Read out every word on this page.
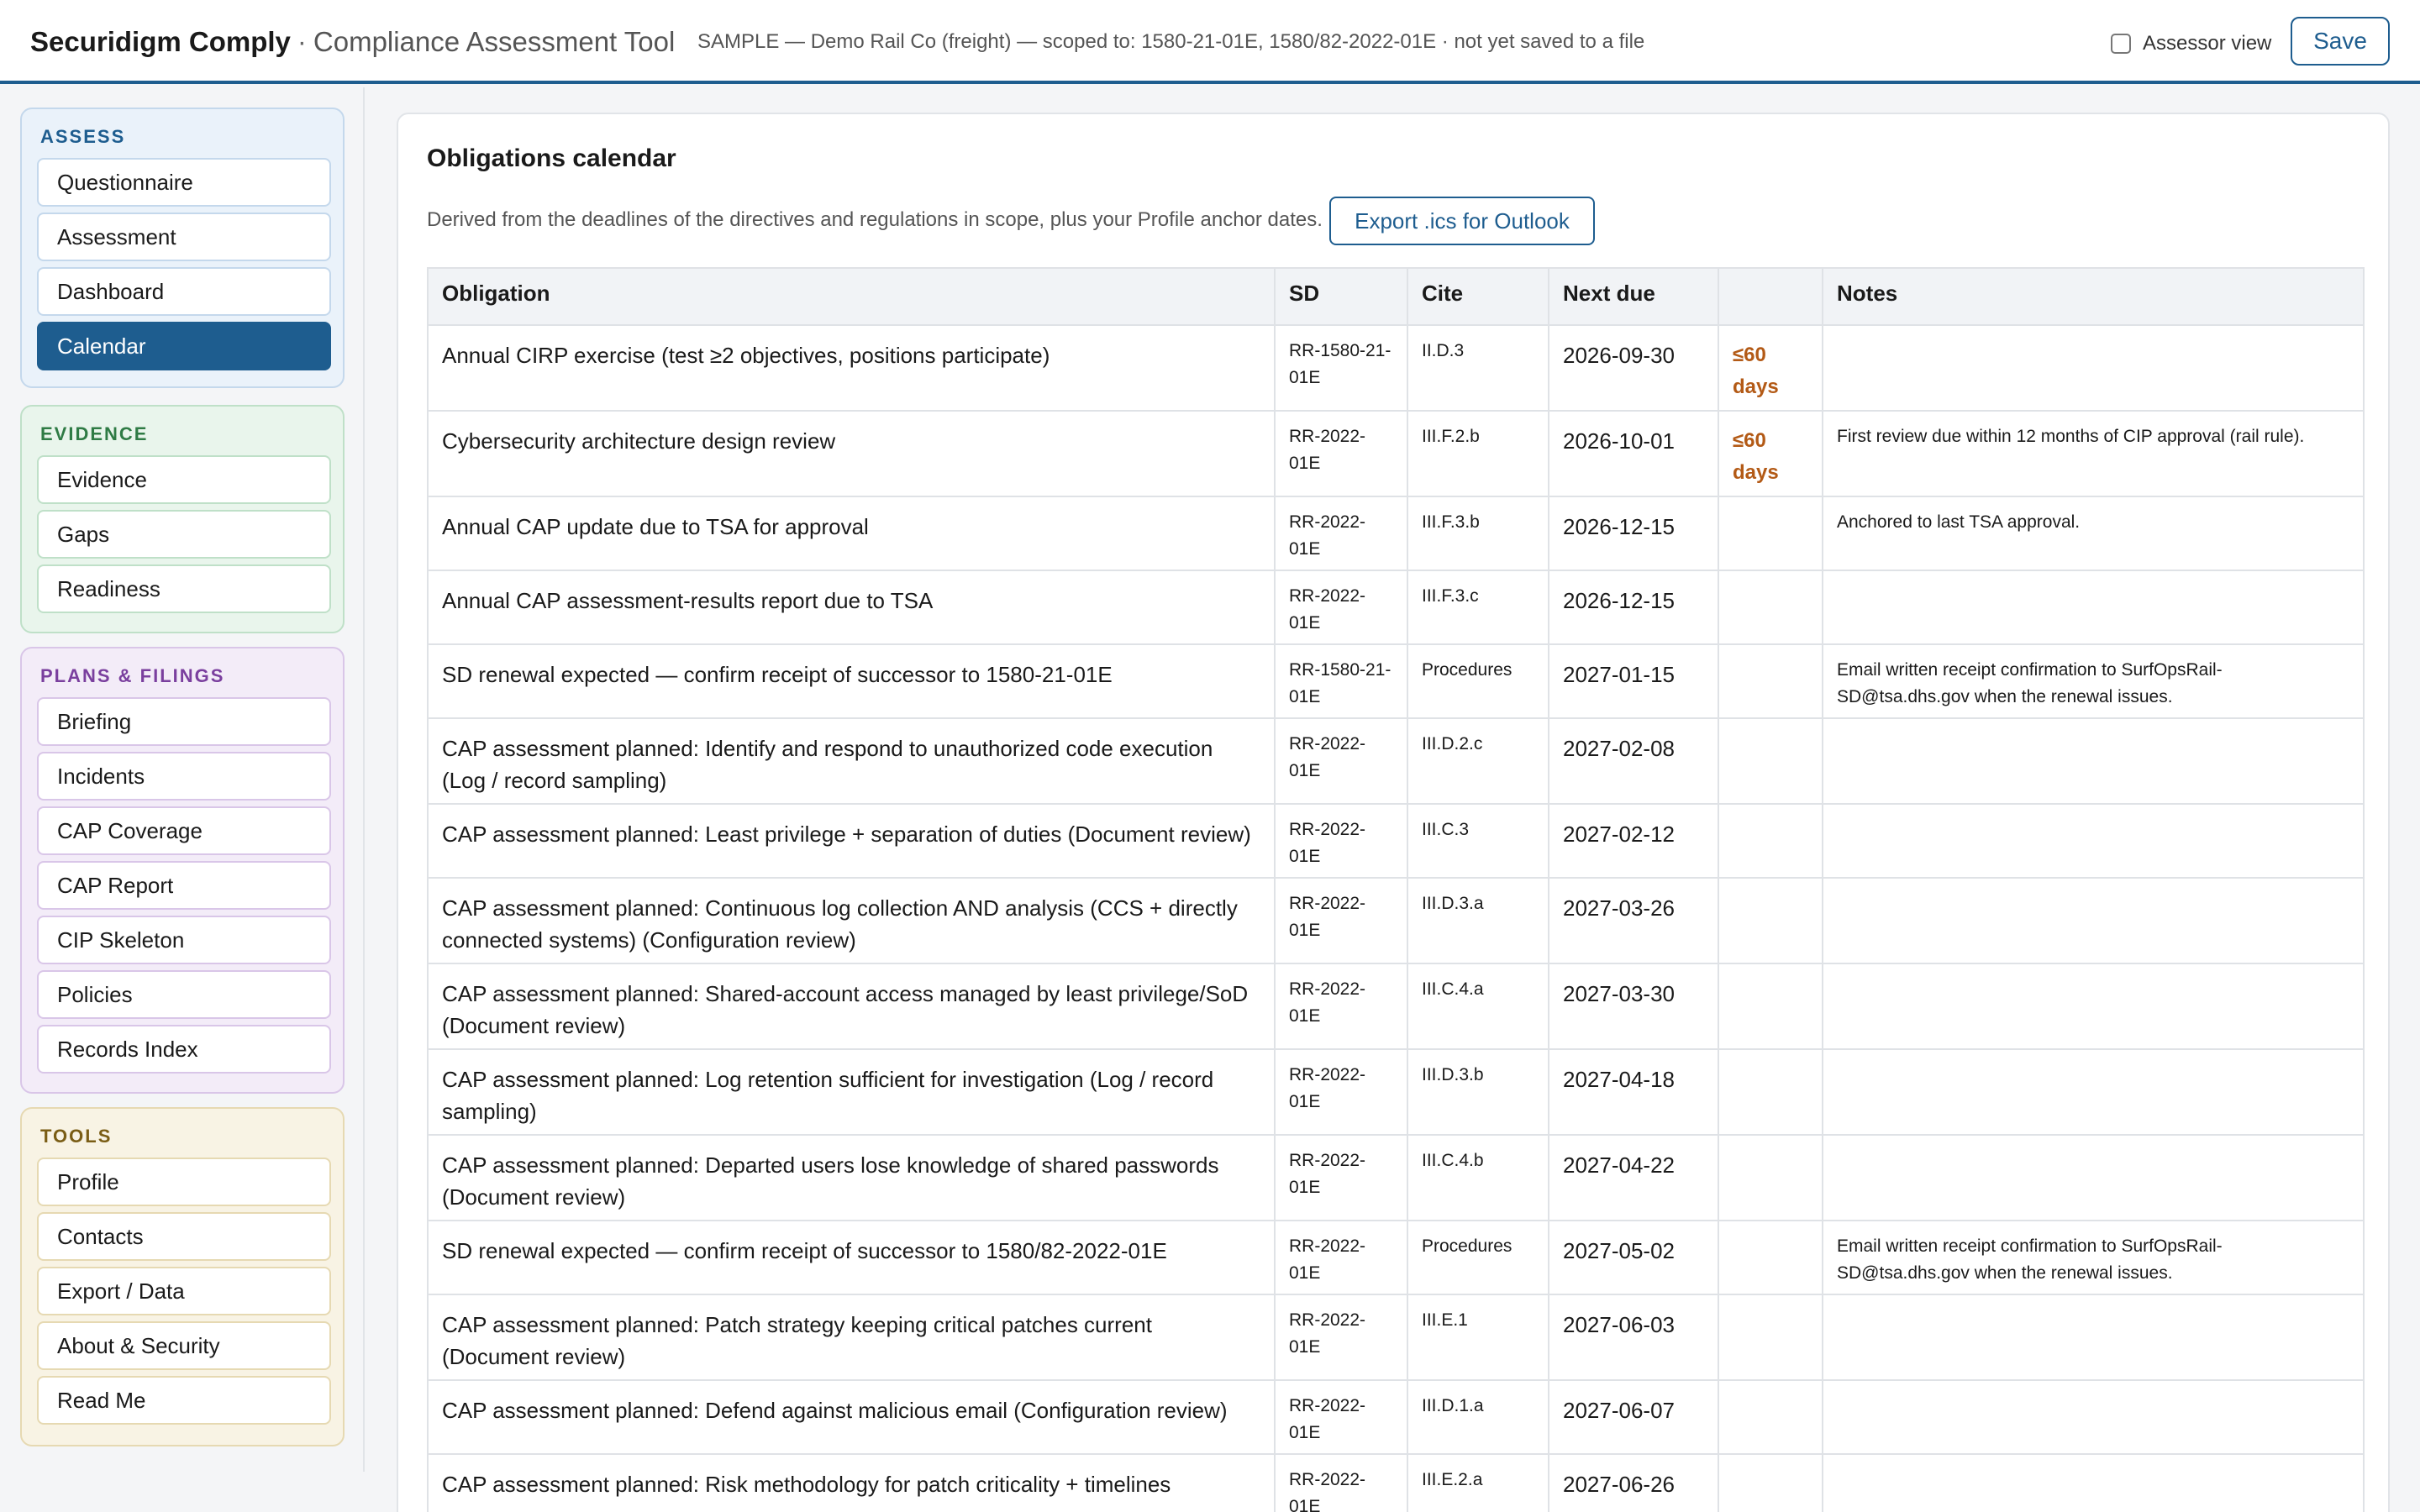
Securidigm Comply · Compliance Assessment Tool SAMPLE — Demo Rail Co (freight) — scoped to: 1580-21-01E, 1580/82-2022-01E · not yet saved to a file	Assessor view	Save
ASSESS
Questionnaire
Assessment
Dashboard
Calendar
EVIDENCE
Evidence
Gaps
Readiness
PLANS & FILINGS
Briefing
Incidents
CAP Coverage
CAP Report
CIP Skeleton
Policies
Records Index
TOOLS
Profile
Contacts
Export / Data
About & Security
Read Me
Obligations calendar

Derived from the deadlines of the directives and regulations in scope, plus your Profile anchor dates.	Export .ics for Outlook
Obligation	SD	Cite	Next due		Notes
Annual CIRP exercise (test ≥2 objectives, positions participate)	RR-1580-21-01E	II.D.3	2026-09-30	≤60 days	
Cybersecurity architecture design review	RR-2022-01E	III.F.2.b	2026-10-01	≤60 days	First review due within 12 months of CIP approval (rail rule).
Annual CAP update due to TSA for approval	RR-2022-01E	III.F.3.b	2026-12-15		Anchored to last TSA approval.
Annual CAP assessment-results report due to TSA	RR-2022-01E	III.F.3.c	2026-12-15		
SD renewal expected — confirm receipt of successor to 1580-21-01E	RR-1580-21-01E	Procedures	2027-01-15		Email written receipt confirmation to SurfOpsRail-SD@tsa.dhs.gov when the renewal issues.
CAP assessment planned: Identify and respond to unauthorized code execution (Log / record sampling)	RR-2022-01E	III.D.2.c	2027-02-08		
CAP assessment planned: Least privilege + separation of duties (Document review)	RR-2022-01E	III.C.3	2027-02-12		
CAP assessment planned: Continuous log collection AND analysis (CCS + directly connected systems) (Configuration review)	RR-2022-01E	III.D.3.a	2027-03-26		
CAP assessment planned: Shared-account access managed by least privilege/SoD (Document review)	RR-2022-01E	III.C.4.a	2027-03-30		
CAP assessment planned: Log retention sufficient for investigation (Log / record sampling)	RR-2022-01E	III.D.3.b	2027-04-18		
CAP assessment planned: Departed users lose knowledge of shared passwords (Document review)	RR-2022-01E	III.C.4.b	2027-04-22		
SD renewal expected — confirm receipt of successor to 1580/82-2022-01E	RR-2022-01E	Procedures	2027-05-02		Email written receipt confirmation to SurfOpsRail-SD@tsa.dhs.gov when the renewal issues.
CAP assessment planned: Patch strategy keeping critical patches current (Document review)	RR-2022-01E	III.E.1	2027-06-03		
CAP assessment planned: Defend against malicious email (Configuration review)	RR-2022-01E	III.D.1.a	2027-06-07		
CAP assessment planned: Risk methodology for patch criticality + timelines	RR-2022-01E	III.E.2.a	2027-06-26		
